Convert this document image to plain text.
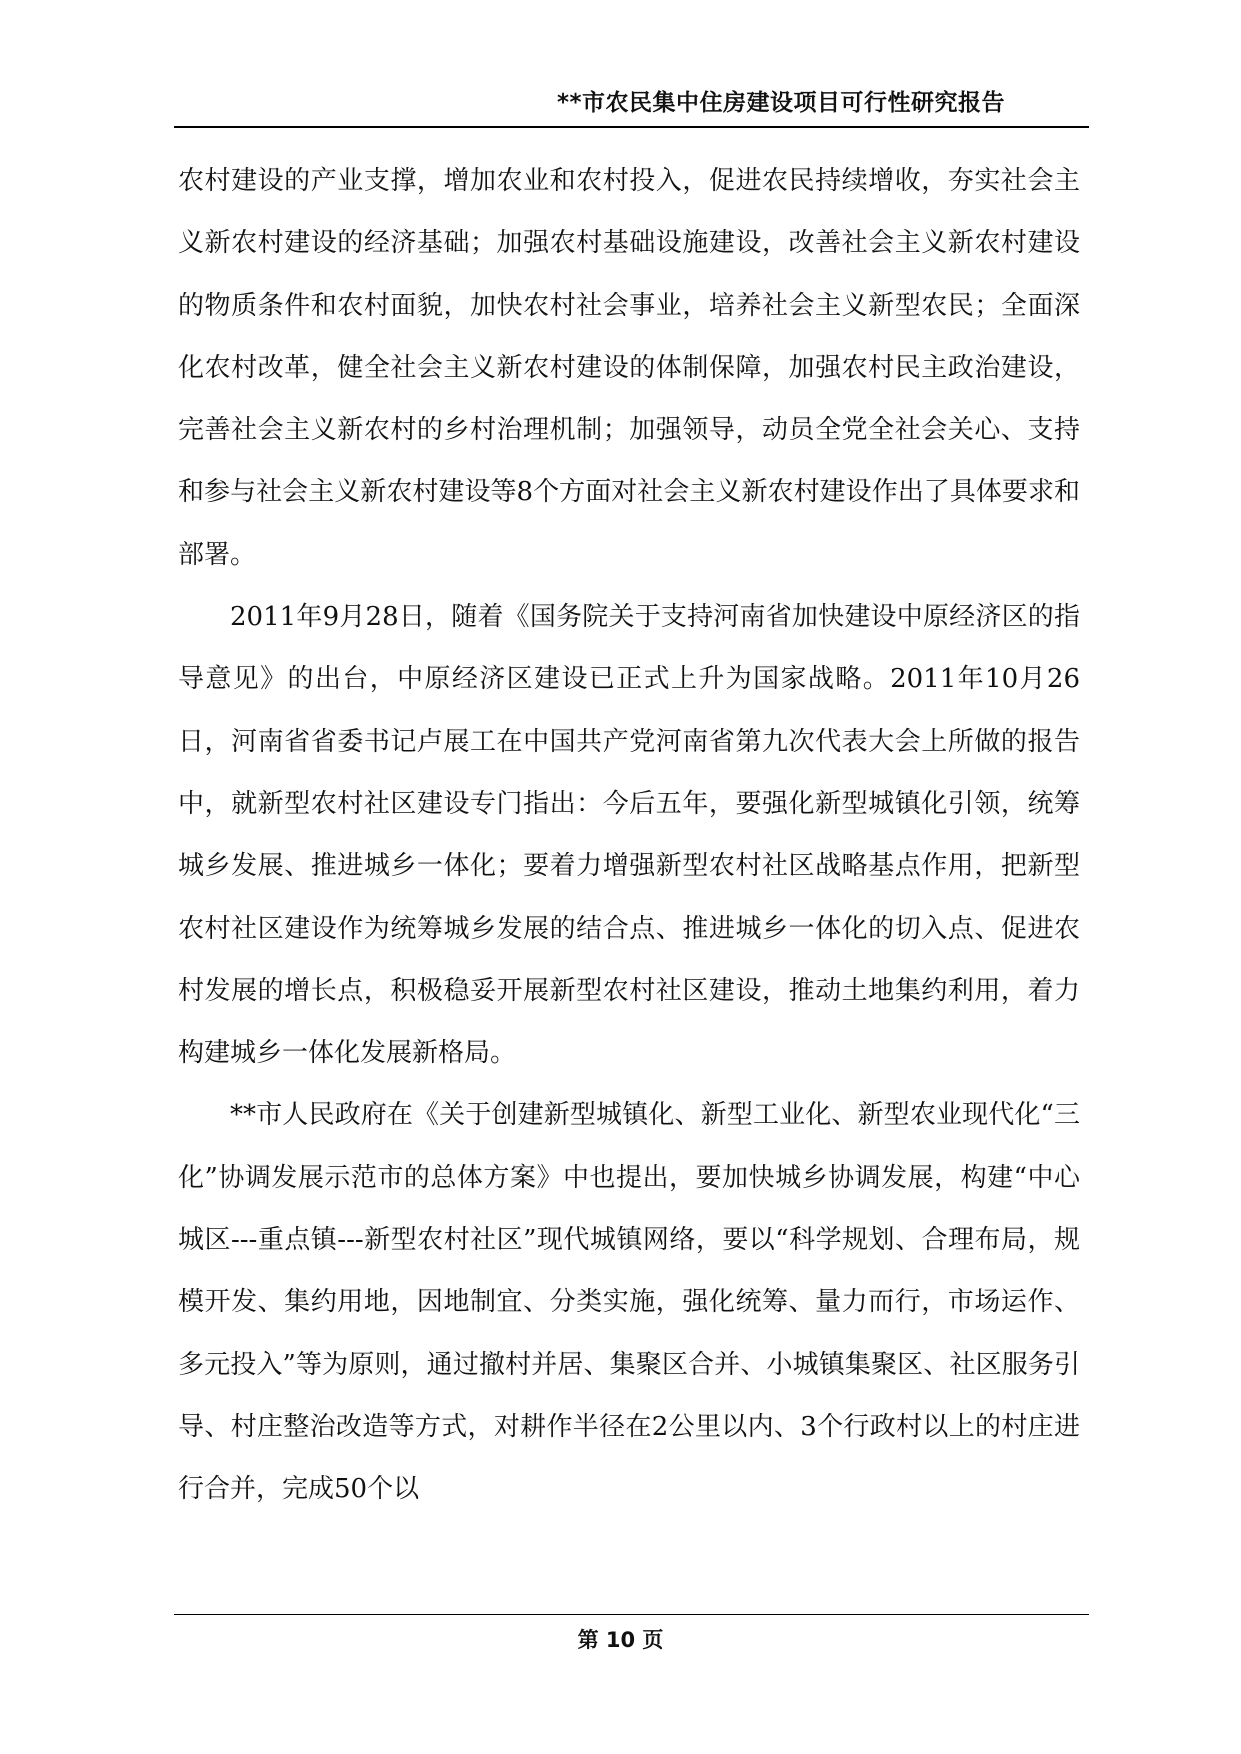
**市农民集中住房建设项目可行性研究报告

农村建设的产业支撑，增加农业和农村投入，促进农民持续增收，夯实社会主义新农村建设的经济基础；加强农村基础设施建设，改善社会主义新农村建设的物质条件和农村面貌，加快农村社会事业，培养社会主义新型农民；全面深化农村改革，健全社会主义新农村建设的体制保障，加强农村民主政治建设，完善社会主义新农村的乡村治理机制；加强领导，动员全党全社会关心、支持和参与社会主义新农村建设等8个方面对社会主义新农村建设作出了具体要求和部署。

2011年9月28日，随着《国务院关于支持河南省加快建设中原经济区的指导意见》的出台，中原经济区建设已正式上升为国家战略。2011年10月26日，河南省省委书记卢展工在中国共产党河南省第九次代表大会上所做的报告中，就新型农村社区建设专门指出：今后五年，要强化新型城镇化引领，统筹城乡发展、推进城乡一体化；要着力增强新型农村社区战略基点作用，把新型农村社区建设作为统筹城乡发展的结合点、推进城乡一体化的切入点、促进农村发展的增长点，积极稳妥开展新型农村社区建设，推动土地集约利用，着力构建城乡一体化发展新格局。

**市人民政府在《关于创建新型城镇化、新型工业化、新型农业现代化“三化”协调发展示范市的总体方案》中也提出，要加快城乡协调发展，构建“中心城区---重点镇---新型农村社区”现代城镇网络，要以“科学规划、合理布局，规模开发、集约用地，因地制宜、分类实施，强化统筹、量力而行，市场运作、多元投入”等为原则，通过撤村并居、集聚区合并、小城镇集聚区、社区服务引导、村庄整治改造等方式，对耕作半径在2公里以内、3个行政村以上的村庄进行合并，完成50个以

第 10 页
